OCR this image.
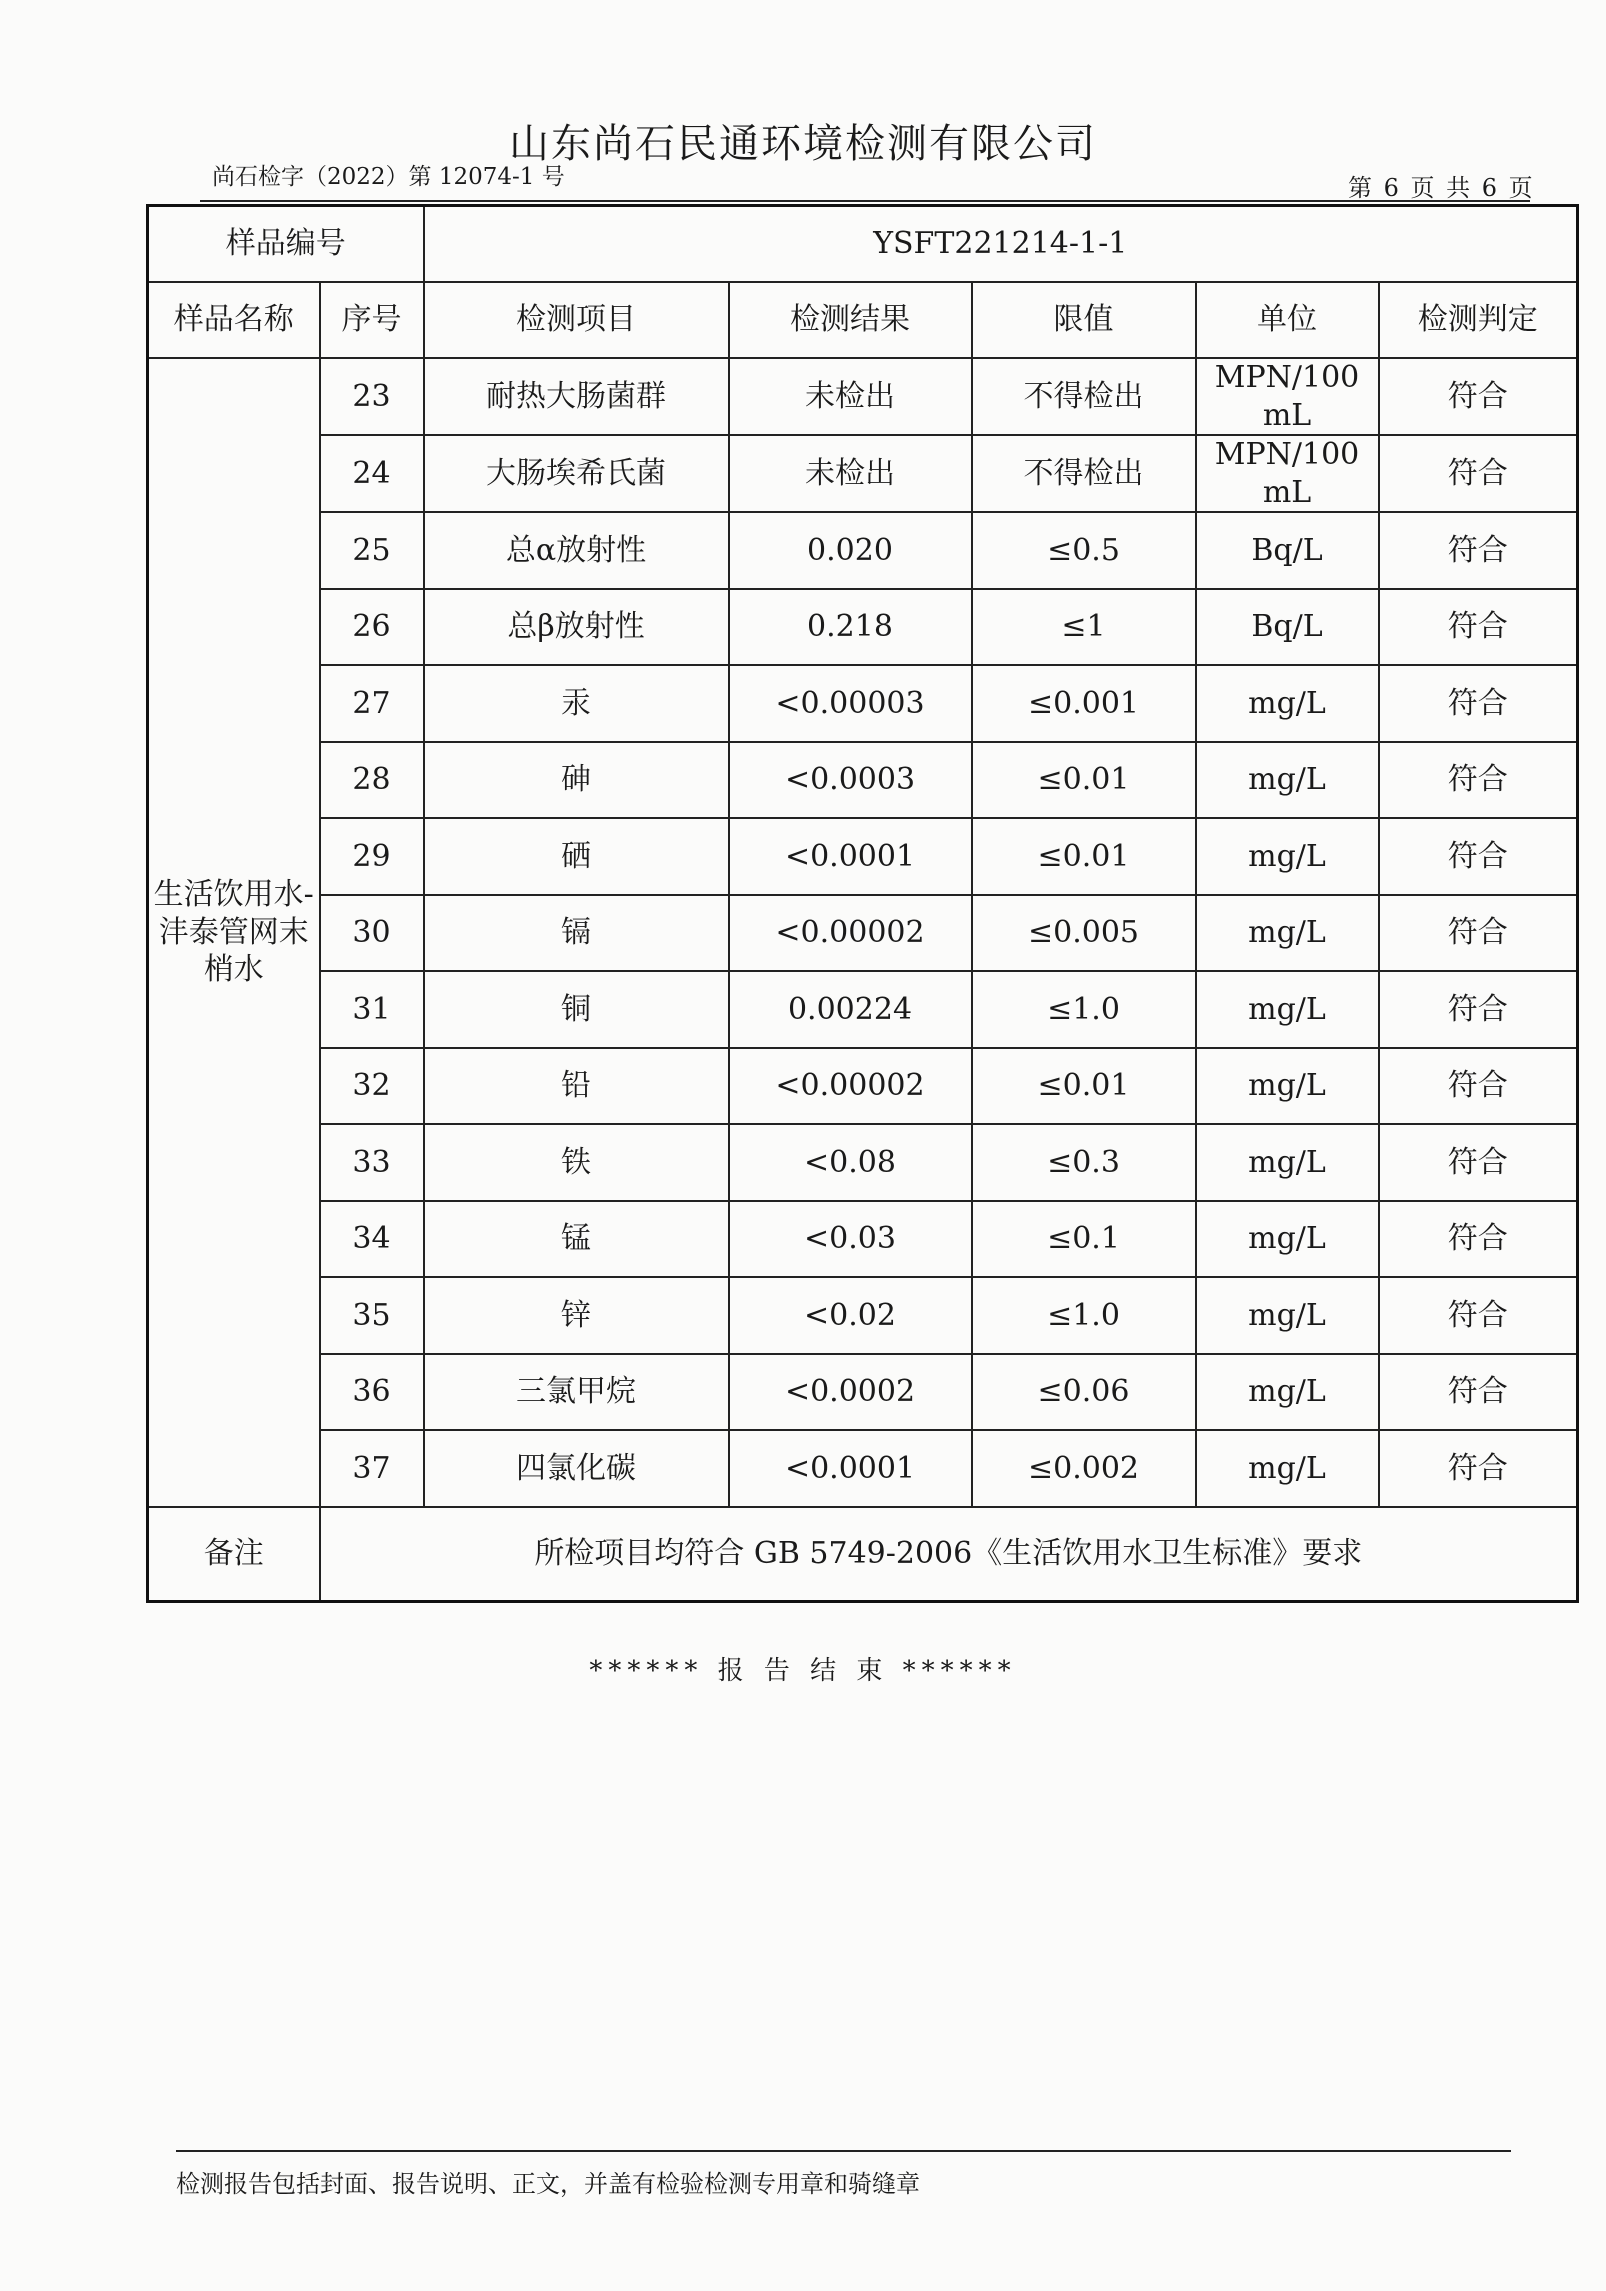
山东尚石民通环境检测有限公司
尚石检字（2022）第 12074-1 号	第 6 页 共 6 页
样品编号		YSFT221214-1-1				
样品名称	序号	检测项目	检测结果	限值	单位	检测判定
生活饮用水-沣泰管网末梢水	23	耐热大肠菌群	未检出	不得检出	MPN/100
mL	符合
	24	大肠埃希氏菌	未检出	不得检出	MPN/100
mL	符合
	25	总α放射性	0.020	≤0.5	Bq/L	符合
	26	总β放射性	0.218	≤1	Bq/L	符合
	27	汞	<0.00003	≤0.001	mg/L	符合
	28	砷	<0.0003	≤0.01	mg/L	符合
	29	硒	<0.0001	≤0.01	mg/L	符合
	30	镉	<0.00002	≤0.005	mg/L	符合
	31	铜	0.00224	≤1.0	mg/L	符合
	32	铅	<0.00002	≤0.01	mg/L	符合
	33	铁	<0.08	≤0.3	mg/L	符合
	34	锰	<0.03	≤0.1	mg/L	符合
	35	锌	<0.02	≤1.0	mg/L	符合
	36	三氯甲烷	<0.0002	≤0.06	mg/L	符合
	37	四氯化碳	<0.0001	≤0.002	mg/L	符合
备注	所检项目均符合 GB 5749-2006《生活饮用水卫生标准》要求					
****** 报 告 结 束 ******
检测报告包括封面、报告说明、正文，并盖有检验检测专用章和骑缝章
